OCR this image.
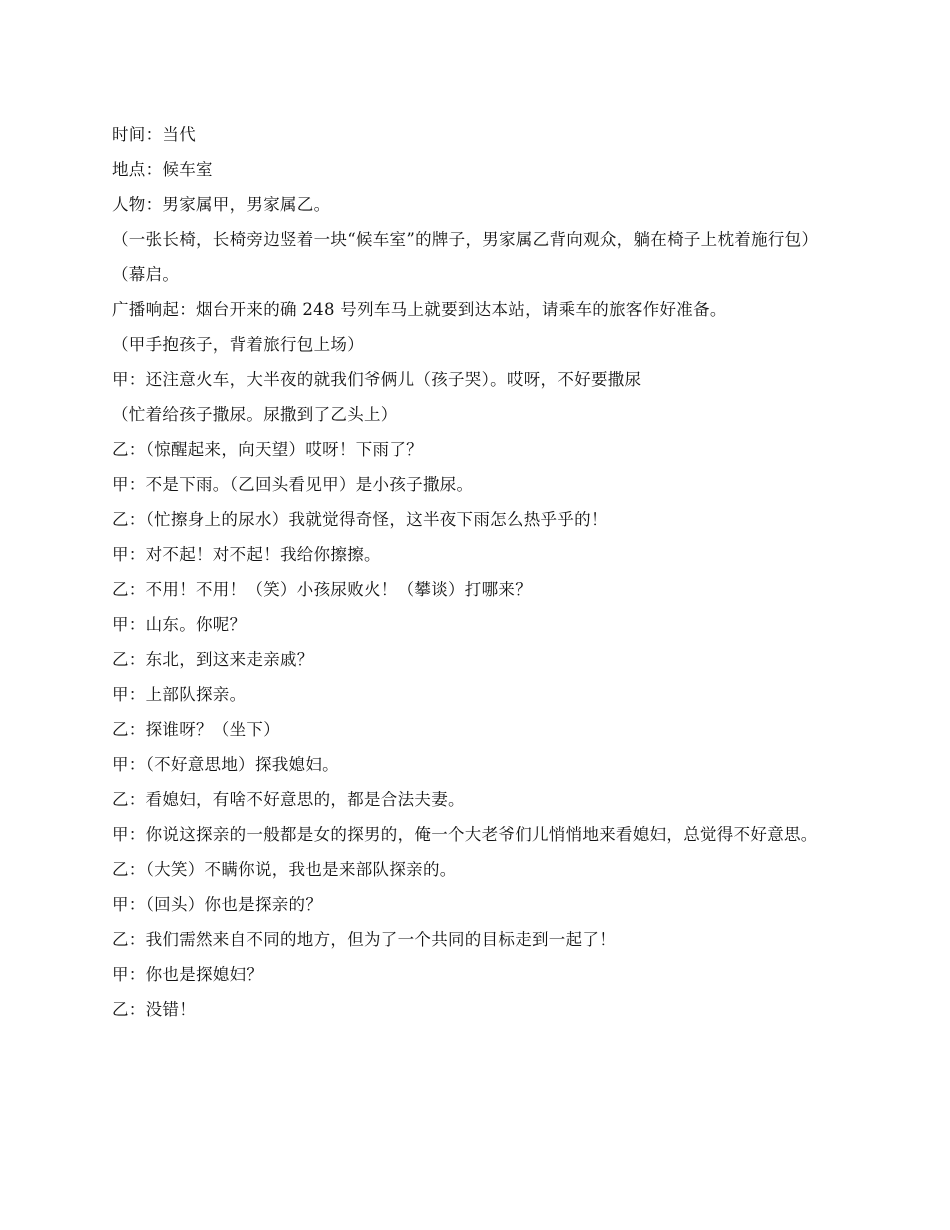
时间：当代

地点：候车室

人物：男家属甲，男家属乙。

（一张长椅，长椅旁边竖着一块“候车室”的牌子，男家属乙背向观众，躺在椅子上枕着施行包）

（幕启。

广播响起：烟台开来的确 248 号列车马上就要到达本站，请乘车的旅客作好准备。

（甲手抱孩子，背着旅行包上场）

甲：还注意火车，大半夜的就我们爷俩儿（孩子哭）。哎呀，不好要撒尿

（忙着给孩子撒尿。尿撒到了乙头上）

乙：（惊醒起来，向天望）哎呀！下雨了？

甲：不是下雨。（乙回头看见甲）是小孩子撒尿。

乙：（忙擦身上的尿水）我就觉得奇怪，这半夜下雨怎么热乎乎的！

甲：对不起！对不起！我给你擦擦。

乙：不用！不用！（笑）小孩尿败火！（攀谈）打哪来？

甲：山东。你呢？

乙：东北，到这来走亲戚？

甲：上部队探亲。

乙：探谁呀？（坐下）

甲：（不好意思地）探我媳妇。

乙：看媳妇，有啥不好意思的，都是合法夫妻。

甲：你说这探亲的一般都是女的探男的，俺一个大老爷们儿悄悄地来看媳妇，总觉得不好意思。

乙：（大笑）不瞒你说，我也是来部队探亲的。

甲：（回头）你也是探亲的？

乙：我们需然来自不同的地方，但为了一个共同的目标走到一起了！

甲：你也是探媳妇？

乙：没错！
